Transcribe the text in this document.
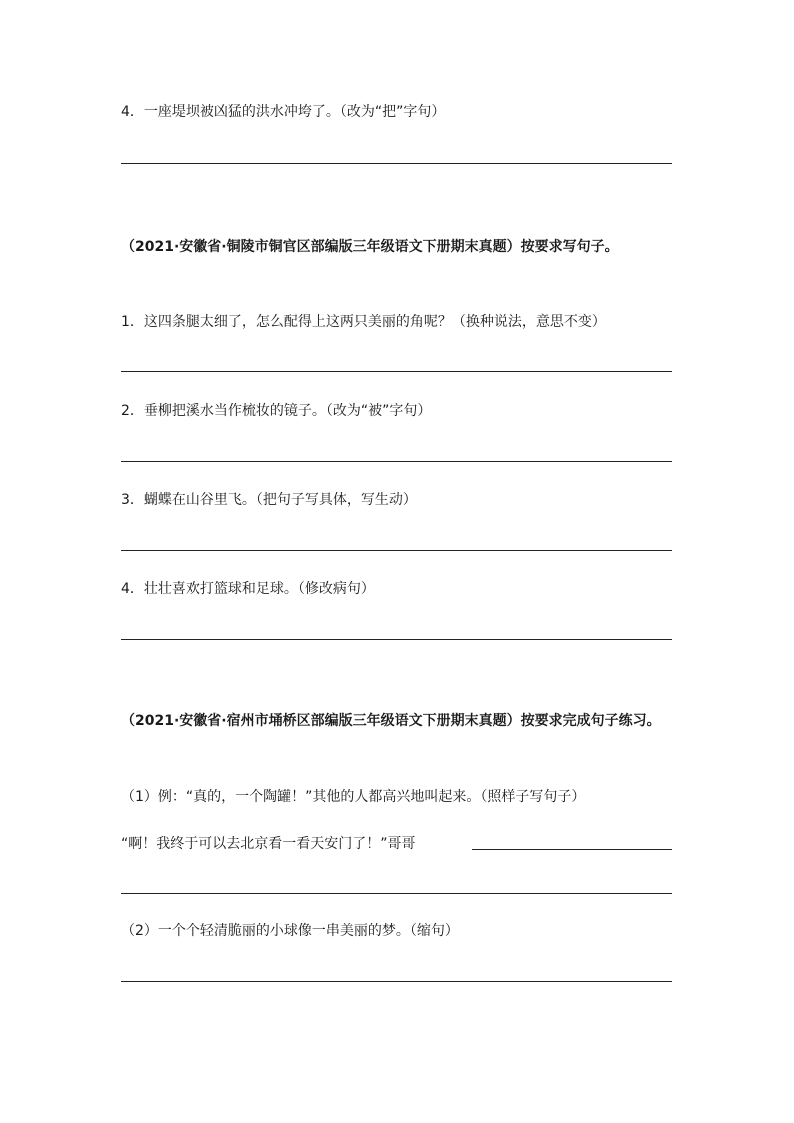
4．一座堤坝被凶猛的洪水冲垮了。（改为“把”字句）
（2021·安徽省·铜陵市铜官区部编版三年级语文下册期末真题）按要求写句子。
1．这四条腿太细了，怎么配得上这两只美丽的角呢？（换种说法，意思不变）
2．垂柳把溪水当作梳妆的镜子。（改为“被”字句）
3．蝴蝶在山谷里飞。（把句子写具体，写生动）
4．壮壮喜欢打篮球和足球。（修改病句）
（2021·安徽省·宿州市埇桥区部编版三年级语文下册期末真题）按要求完成句子练习。
（1）例：“真的，一个陶罐！”其他的人都高兴地叫起来。（照样子写句子）
“啊！我终于可以去北京看一看天安门了！”哥哥
（2）一个个轻清脆丽的小球像一串美丽的梦。（缩句）
